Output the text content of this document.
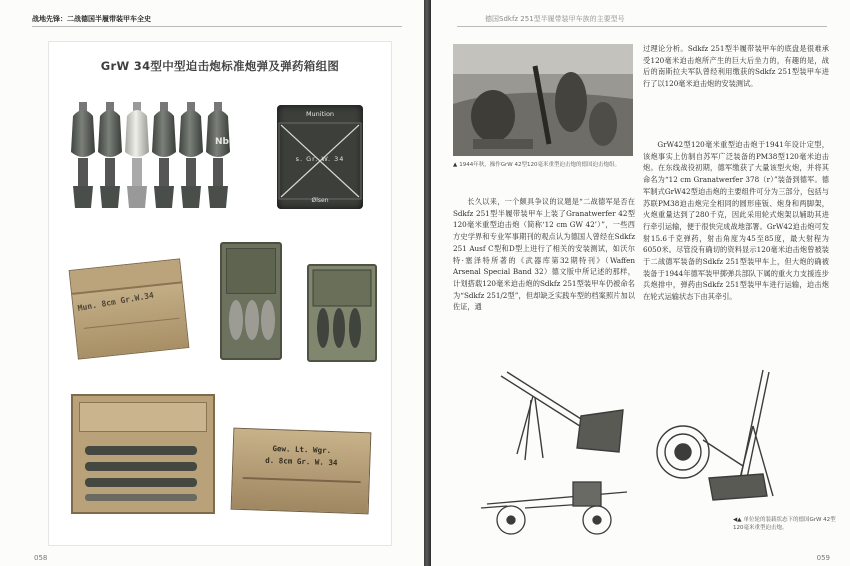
战地先锋：二战德国半履带装甲车全史
GrW 34型中型迫击炮标准炮弹及弹药箱组图
Nb
Munition
s. Gr. W. 34
Ølsen
Mun. 8cm Gr.W.34
Gew. Lt. Wgr.
d. 8cm Gr. W. 34
058
德国Sdkfz 251型半履带装甲车族的主要型号
▲ 1944年秋，操作GrW 42型120毫米重型迫击炮的德国迫击炮组。

过理论分析。Sdkfz 251型半履带装甲车的底盘是很难承受120毫米迫击炮所产生的巨大后坐力的，有趣的是，战后的南斯拉夫军队曾经利用缴获的Sdkfz 251型装甲车进行了以120毫米迫击炮的安装测试。

GrW42型120毫米重型迫击炮于1941年设计定型，该炮事实上仿制自苏军广泛装备的PM38型120毫米迫击炮。在东线战役初期，德军缴获了大量该型火炮，并将其命名为“12 cm Granatwerfer 378（r）”装备到德军。德军制式GrW42型迫击炮的主要组件可分为三部分，包括与苏联PM38迫击炮完全相同的圆形座钣、炮身和两脚架，火炮重量达到了280千克，因此采用轮式炮架以辅助其进行牵引运输，便于很快完成战地部署。GrW42迫击炮可发射15.6千克弹药，射击角度为45至85度，最大射程为6050米。尽管没有确切的资料显示120毫米迫击炮曾被装于二战德军装备的Sdkfz 251型装甲车上，但大炮的确被装备于1944年德军装甲掷弹兵部队下属的重火力支援连步兵炮排中，弹药由Sdkfz 251型装甲车进行运输，迫击炮在轮式运输状态下由其牵引。

长久以来，一个颇具争议的议题是“二战德军是否在Sdkfz 251型半履带装甲车上装了Granatwerfer 42型120毫米重型迫击炮（简称‘12 cm GW 42’）”，一些西方史学界和专业军事期刊的观点认为德国人曾经在Sdkfz 251 Ausf C型和D型上进行了相关的安装测试，如沃尔特·塞泽特所著的《武器库第32期特刊》（Waffen Arsenal Special Band 32）德文版中所记述的那样，计划搭载120毫米迫击炮的Sdkfz 251型装甲车仍被命名为“Sdkfz 251/2型”，但却缺乏实践车型的档案照片加以佐证，通

◀▲ 单位轮的装载状态下的德国GrW 42型120毫米重型迫击炮。
059
